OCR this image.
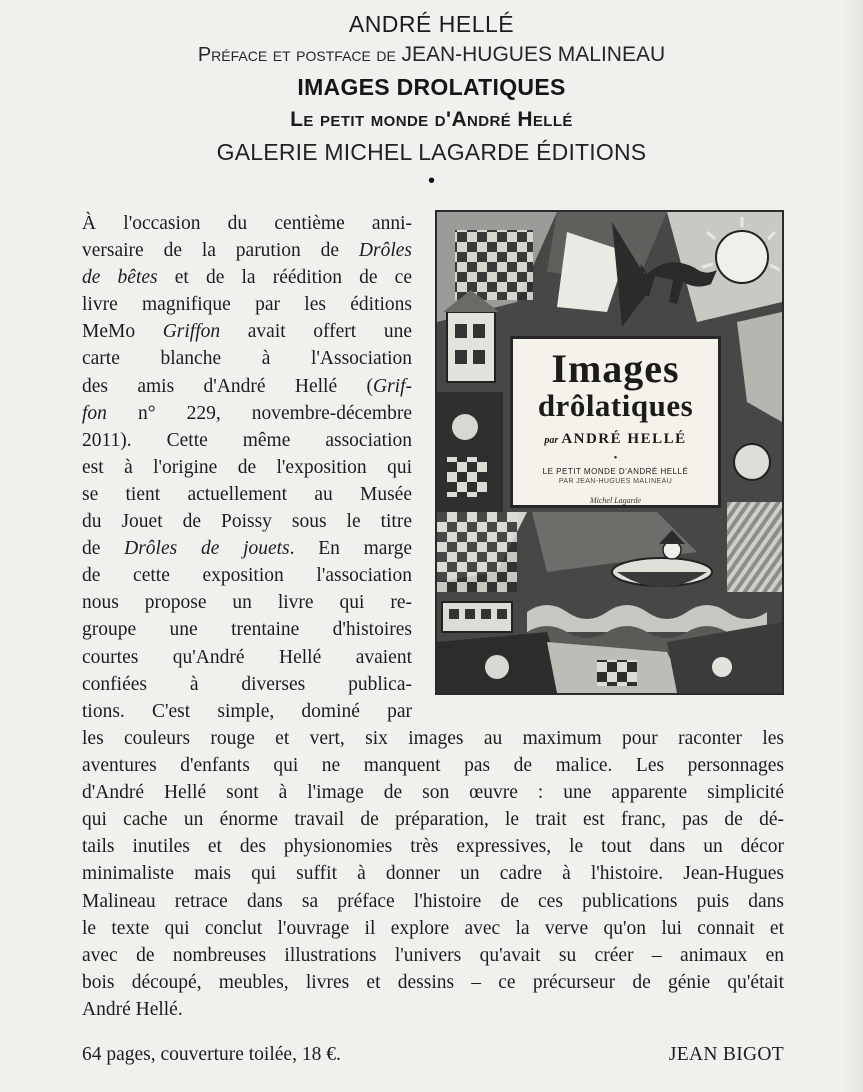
ANDRÉ HELLÉ
Préface et postface de JEAN-HUGUES MALINEAU
IMAGES DROLATIQUES
Le petit monde d'André Hellé
GALERIE MICHEL LAGARDE ÉDITIONS
•
À l'occasion du centième anni-
versaire de la parution de Drôles
de bêtes et de la réédition de ce
livre magnifique par les éditions
MeMo Griffon avait offert une
carte blanche à l'Association
des amis d'André Hellé (Grif-
fon n° 229, novembre-décembre
2011). Cette même association
est à l'origine de l'exposition qui
se tient actuellement au Musée
du Jouet de Poissy sous le titre
de Drôles de jouets. En marge
de cette exposition l'association
nous propose un livre qui re-
groupe une trentaine d'histoires
courtes qu'André Hellé avaient
confiées à diverses publica-
tions. C'est simple, dominé par
Images
drôlatiques
par ANDRÉ HELLÉ
•
LE PETIT MONDE D'ANDRÉ HELLÉ
PAR JEAN-HUGUES MALINEAU
Michel Lagarde
les couleurs rouge et vert, six images au maximum pour raconter les
aventures d'enfants qui ne manquent pas de malice. Les personnages
d'André Hellé sont à l'image de son œuvre : une apparente simplicité
qui cache un énorme travail de préparation, le trait est franc, pas de dé-
tails inutiles et des physionomies très expressives, le tout dans un décor
minimaliste mais qui suffit à donner un cadre à l'histoire. Jean-Hugues
Malineau retrace dans sa préface l'histoire de ces publications puis dans
le texte qui conclut l'ouvrage il explore avec la verve qu'on lui connait et
avec de nombreuses illustrations l'univers qu'avait su créer – animaux en
bois découpé, meubles, livres et dessins – ce précurseur de génie qu'était
André Hellé.
64 pages, couverture toilée, 18 €.	JEAN BIGOT
